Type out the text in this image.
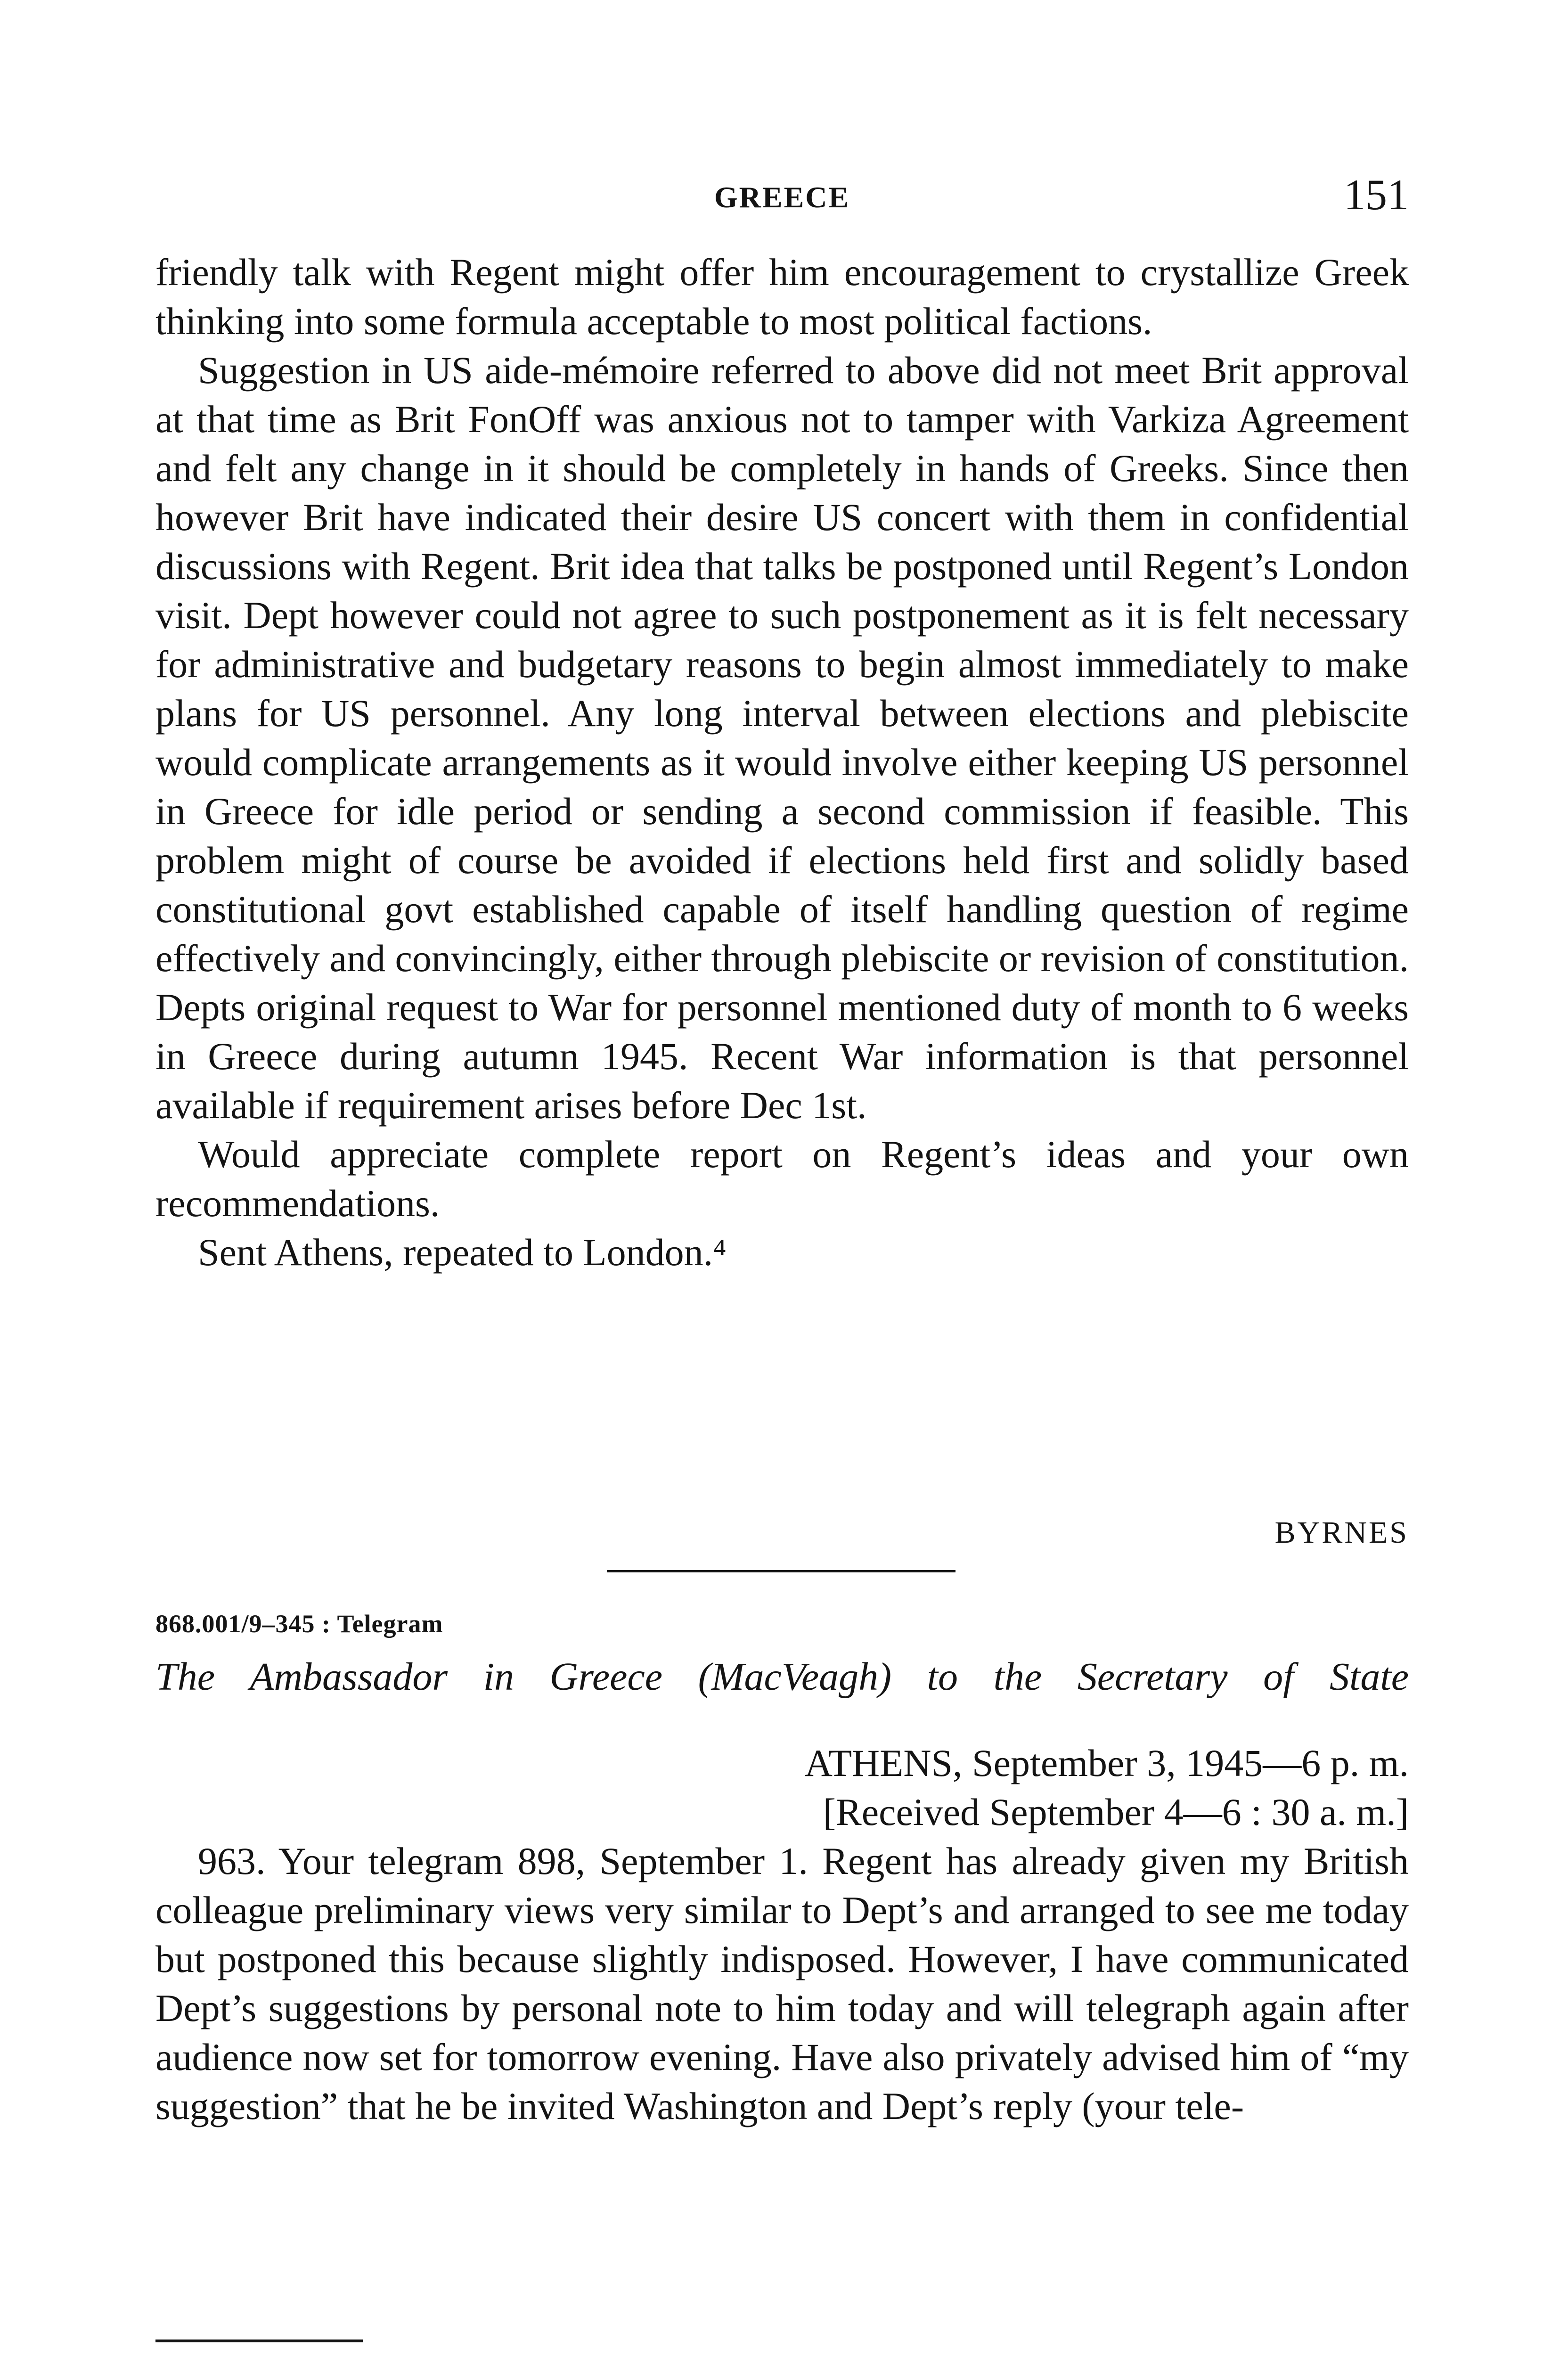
GREECE	151

friendly talk with Regent might offer him encouragement to crystallize Greek thinking into some formula acceptable to most political factions.

Suggestion in US aide-mémoire referred to above did not meet Brit approval at that time as Brit FonOff was anxious not to tamper with Varkiza Agreement and felt any change in it should be completely in hands of Greeks. Since then however Brit have indicated their desire US concert with them in confidential discussions with Regent. Brit idea that talks be postponed until Regent’s London visit. Dept however could not agree to such postponement as it is felt necessary for administrative and budgetary reasons to begin almost immediately to make plans for US personnel. Any long interval between elections and plebiscite would complicate arrangements as it would involve either keeping US personnel in Greece for idle period or sending a second commission if feasible. This problem might of course be avoided if elections held first and solidly based constitutional govt established capable of itself handling question of regime effectively and convincingly, either through plebiscite or revision of constitution. Depts original request to War for personnel mentioned duty of month to 6 weeks in Greece during autumn 1945. Recent War information is that personnel available if requirement arises before Dec 1st.

Would appreciate complete report on Regent’s ideas and your own recommendations.

Sent Athens, repeated to London.⁴

BYRNES
868.001/9–345 : Telegram
The Ambassador in Greece (MacVeagh) to the Secretary of State
ATHENS, September 3, 1945—6 p. m.
[Received September 4—6 : 30 a. m.]

963. Your telegram 898, September 1. Regent has already given my British colleague preliminary views very similar to Dept’s and arranged to see me today but postponed this because slightly indisposed. However, I have communicated Dept’s suggestions by personal note to him today and will telegraph again after audience now set for tomorrow evening. Have also privately advised him of “my suggestion” that he be invited Washington and Dept’s reply (your tele-
